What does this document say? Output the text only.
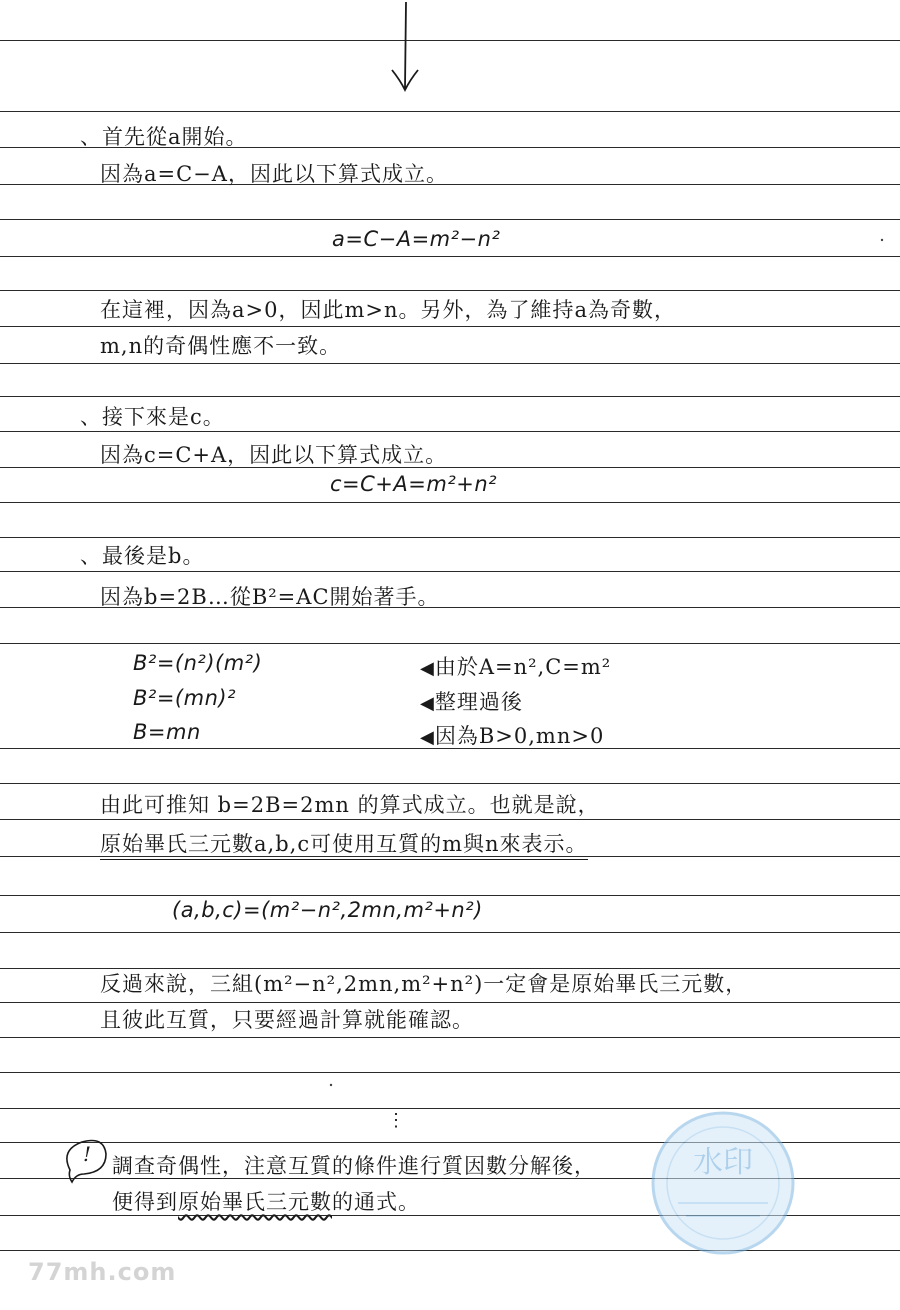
、首先從a開始。
因為a=C−A，因此以下算式成立。
a=C−A=m²−n²
在這裡，因為a>0，因此m>n。另外，為了維持a為奇數，
m,n的奇偶性應不一致。
、接下來是c。
因為c=C+A，因此以下算式成立。
c=C+A=m²+n²
、最後是b。
因為b=2B…從B²=AC開始著手。
B²=(n²)(m²)	◀由於A=n²,C=m²
B²=(mn)²	◀整理過後
B=mn	◀因為B>0,mn>0
由此可推知 b=2B=2mn 的算式成立。也就是說，
原始畢氏三元數a,b,c可使用互質的m與n來表示。
(a,b,c)=(m²−n²,2mn,m²+n²)
反過來說，三組(m²−n²,2mn,m²+n²)一定會是原始畢氏三元數，
且彼此互質，只要經過計算就能確認。
⋮
! 調查奇偶性，注意互質的條件進行質因數分解後，
便得到原始畢氏三元數的通式。
水印
77mh.com
